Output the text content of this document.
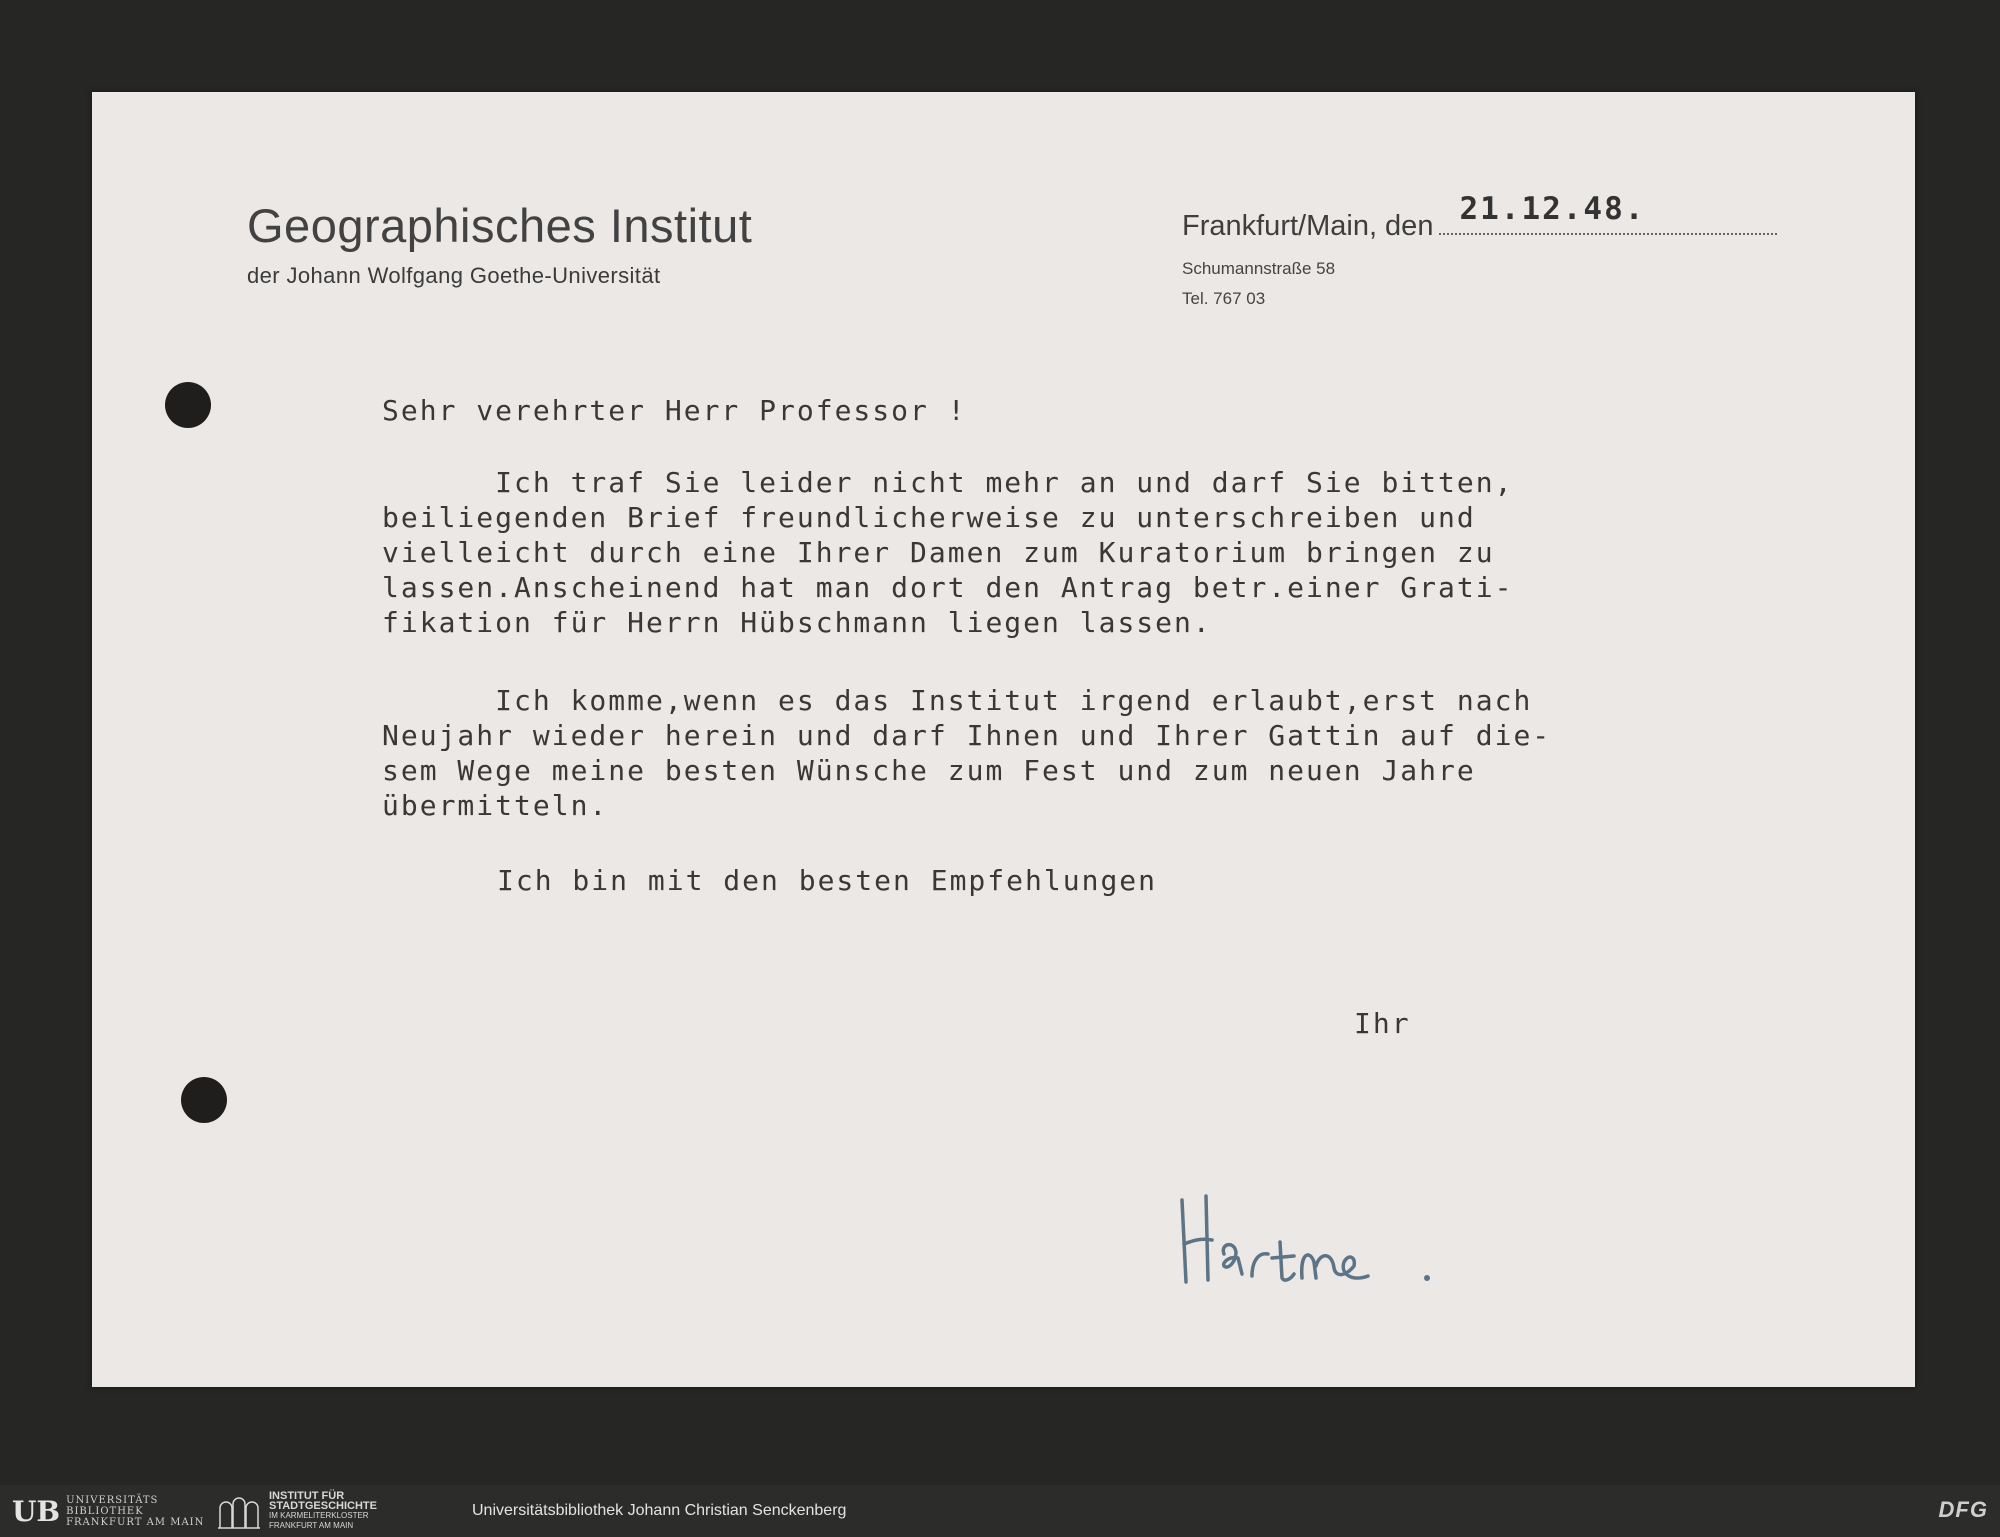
Geographisches Institut
der Johann Wolfgang Goethe-Universität
Frankfurt/Main, den 21.12.48.
Schumannstraße 58
Tel. 767 03
Sehr verehrter Herr Professor !
Ich traf Sie leider nicht mehr an und darf Sie bitten,
beiliegenden Brief freundlicherweise zu unterschreiben und
vielleicht durch eine Ihrer Damen zum Kuratorium bringen zu
lassen.Anscheinend hat man dort den Antrag betr.einer Grati-
fikation für Herrn Hübschmann liegen lassen.
Ich komme,wenn es das Institut irgend erlaubt,erst nach
Neujahr wieder herein und darf Ihnen und Ihrer Gattin auf die-
sem Wege meine besten Wünsche zum Fest und zum neuen Jahre
übermitteln.
Ich bin mit den besten Empfehlungen
Ihr
UB UNIVERSITÄTS
BIBLIOTHEK
FRANKFURT AM MAIN
INSTITUT FÜR
STADTGESCHICHTE
IM KARMELITERKLOSTER
FRANKFURT AM MAIN
Universitätsbibliothek Johann Christian Senckenberg	DFG
